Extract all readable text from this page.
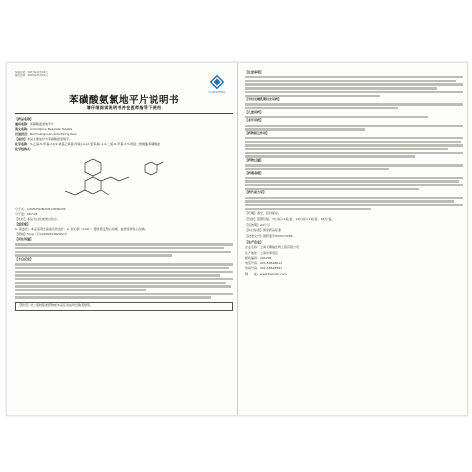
核准日期：2007年12月03日
修改日期：2018年05月01日
TIANSHENG
苯磺酸氨氯地平片说明书
请仔细阅读说明书并在医师指导下使用
【药品名称】
通用名称：苯磺酸氨氯地平片
英文名称：Amlodipine Besylate Tablets
汉语拼音：Benhuangsuan Anlüdiping Pian
【成份】本品主要成份为苯磺酸氨氯地平。
化学名称：3-乙基-5-甲基-2-[(2-氨基乙氧基)甲基]-4-(2-氯苯基)-1,4-二氢-6-甲基-3,5-吡啶二羧酸酯苯磺酸盐
化学结构式：
分子式：C20H25ClN2O5·C6H6O3S
分子量：567.05
【性状】本品为白色或类白色片。
【适应症】
1. 高血压：本品适用于高血压的治疗。2. 冠心病（CAD）：慢性稳定型心绞痛、血管痉挛性心绞痛。
【规格】5mg（以C20H25ClN2O5计）
【用法用量】
【不良反应】
【禁忌】对二氢吡啶类药物或本品任何成份过敏者禁用。
【注意事项】
【孕妇及哺乳期妇女用药】
【儿童用药】
【老年用药】
【药物相互作用】
【药物过量】
【药理毒理】
【药代动力学】
【贮藏】遮光，密封保存。
【包装】铝塑包装。7片/板×1板/盒；14片/板×1板/盒；28片/盒。
【有效期】24个月
【执行标准】国家药品标准
【批准文号】国药准字H20073059
【生产企业】
企业名称：上海天赐福生物工程有限公司
生产地址：上海市奉贤区
邮政编码：201206
电话号码：021-58548011
传真号码：021-58548591
网　　址：www.tiancifu.com
